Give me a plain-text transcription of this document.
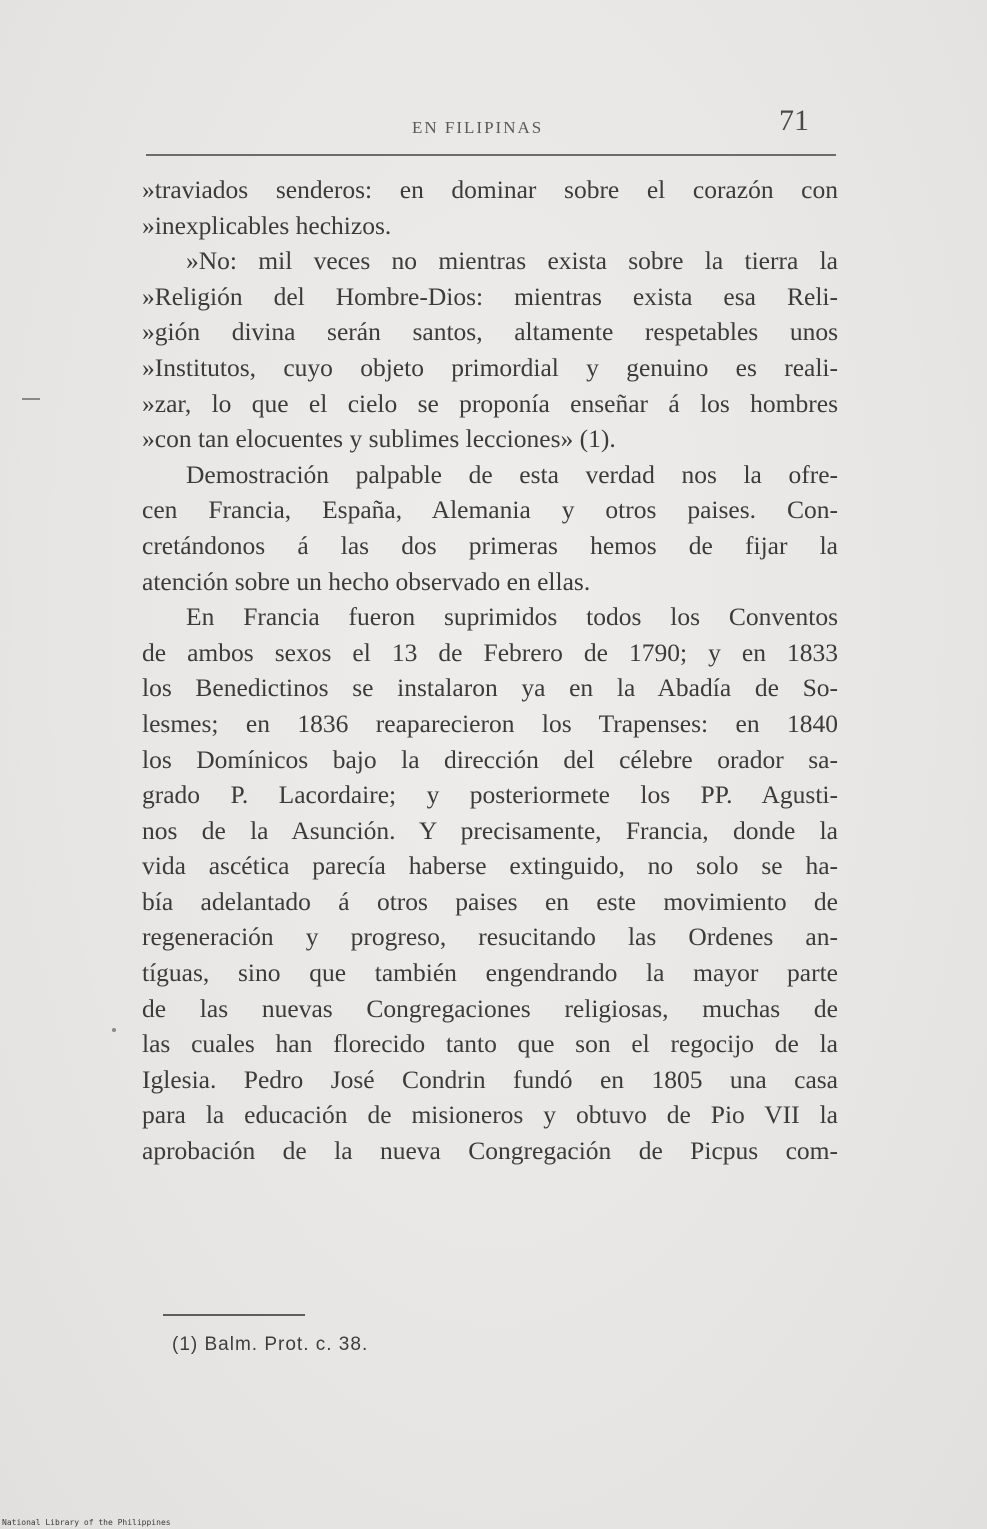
EN FILIPINAS	71
»traviados senderos: en dominar sobre el corazón con
»inexplicables hechizos.
»No: mil veces no mientras exista sobre la tierra la
»Religión del Hombre-Dios: mientras exista esa Reli-
»gión divina serán santos, altamente respetables unos
»Institutos, cuyo objeto primordial y genuino es reali-
»zar, lo que el cielo se proponía enseñar á los hombres
»con tan elocuentes y sublimes lecciones» (1).
Demostración palpable de esta verdad nos la ofre-
cen Francia, España, Alemania y otros paises. Con-
cretándonos á las dos primeras hemos de fijar la
atención sobre un hecho observado en ellas.
En Francia fueron suprimidos todos los Conventos
de ambos sexos el 13 de Febrero de 1790; y en 1833
los Benedictinos se instalaron ya en la Abadía de So-
lesmes; en 1836 reaparecieron los Trapenses: en 1840
los Domínicos bajo la dirección del célebre orador sa-
grado P. Lacordaire; y posteriormete los PP. Agusti-
nos de la Asunción. Y precisamente, Francia, donde la
vida ascética parecía haberse extinguido, no solo se ha-
bía adelantado á otros paises en este movimiento de
regeneración y progreso, resucitando las Ordenes an-
tíguas, sino que también engendrando la mayor parte
de las nuevas Congregaciones religiosas, muchas de
las cuales han florecido tanto que son el regocijo de la
Iglesia. Pedro José Condrin fundó en 1805 una casa
para la educación de misioneros y obtuvo de Pio VII la
aprobación de la nueva Congregación de Picpus com-
(1) Balm. Prot. c. 38.
National Library of the Philippines
